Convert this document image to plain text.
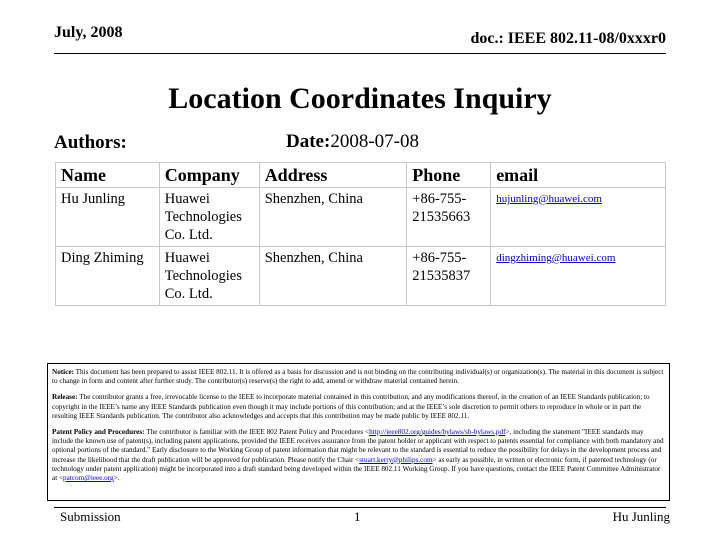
July, 2008	doc.: IEEE 802.11-08/0xxxr0
Location Coordinates Inquiry
Authors:	Date:2008-07-08
Name	Company	Address	Phone	email
Hu Junling	Huawei Technologies Co. Ltd.	Shenzhen, China	+86-755-21535663	hujunling@huawei.com
Ding Zhiming	Huawei Technologies Co. Ltd.	Shenzhen, China	+86-755-21535837	dingzhiming@huawei.com

Notice: This document has been prepared to assist IEEE 802.11. It is offered as a basis for discussion and is not binding on the contributing individual(s) or organization(s). The material in this document is subject to change in form and content after further study. The contributor(s) reserve(s) the right to add, amend or withdraw material contained herein.

Release: The contributor grants a free, irrevocable license to the IEEE to incorporate material contained in this contribution, and any modifications thereof, in the creation of an IEEE Standards publication; to copyright in the IEEE’s name any IEEE Standards publication even though it may include portions of this contribution; and at the IEEE’s sole discretion to permit others to reproduce in whole or in part the resulting IEEE Standards publication. The contributor also acknowledges and accepts that this contribution may be made public by IEEE 802.11.

Patent Policy and Procedures: The contributor is familiar with the IEEE 802 Patent Policy and Procedures <http://ieee802.org/guides/bylaws/sb-bylaws.pdf>, including the statement "IEEE standards may include the known use of patent(s), including patent applications, provided the IEEE receives assurance from the patent holder or applicant with respect to patents essential for compliance with both mandatory and optional portions of the standard." Early disclosure to the Working Group of patent information that might be relevant to the standard is essential to reduce the possibility for delays in the development process and increase the likelihood that the draft publication will be approved for publication. Please notify the Chair <stuart.kerry@philips.com> as early as possible, in written or electronic form, if patented technology (or technology under patent application) might be incorporated into a draft standard being developed within the IEEE 802.11 Working Group. If you have questions, contact the IEEE Patent Committee Administrator at <patcom@ieee.org>.

Submission	1	Hu Junling
